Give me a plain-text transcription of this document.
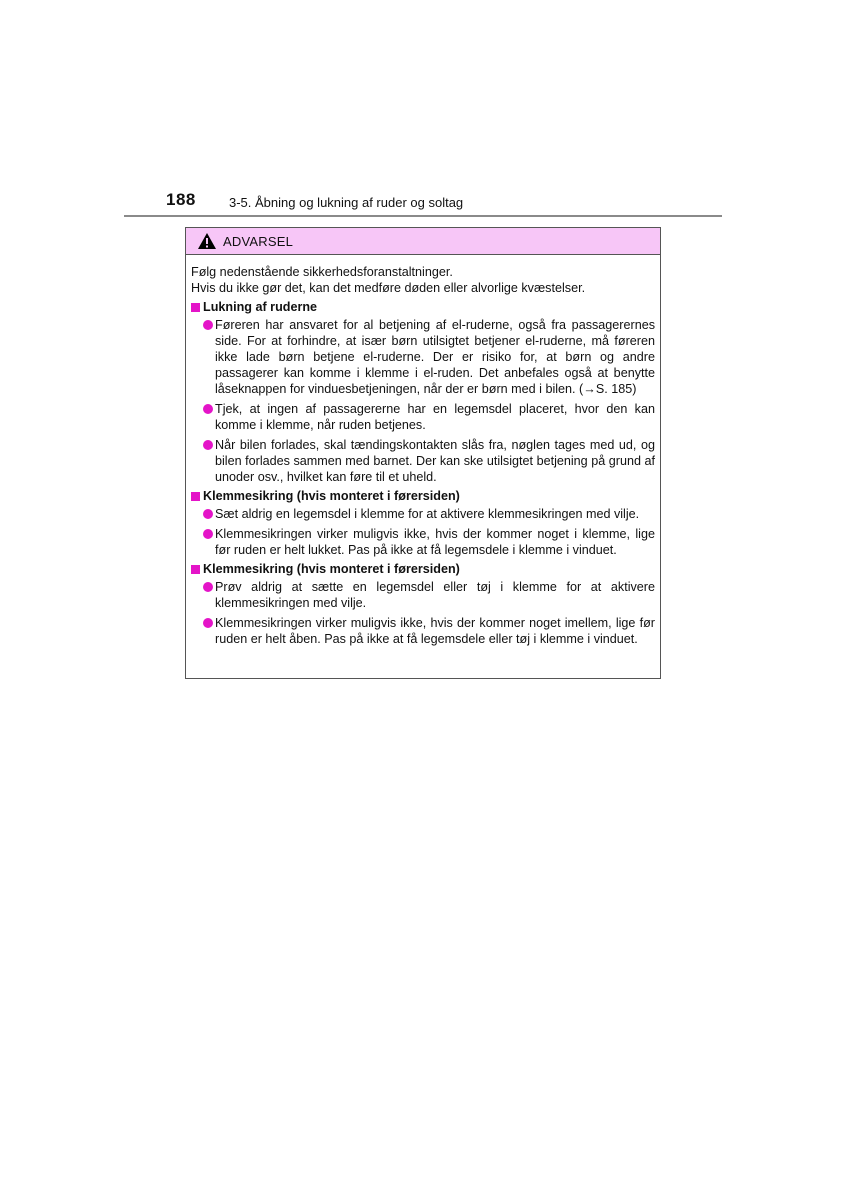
188	3-5. Åbning og lukning af ruder og soltag
ADVARSEL

Følg nedenstående sikkerhedsforanstaltninger.

Hvis du ikke gør det, kan det medføre døden eller alvorlige kvæstelser.

Lukning af ruderne
Føreren har ansvaret for al betjening af el-ruderne, også fra passagerernes side. For at forhindre, at især børn utilsigtet betjener el-ruderne, må føreren ikke lade børn betjene el-ruderne. Der er risiko for, at børn og andre passagerer kan komme i klemme i el-ruden. Det anbefales også at benytte låseknappen for vinduesbetjeningen, når der er børn med i bilen. (→S. 185)
Tjek, at ingen af passagererne har en legemsdel placeret, hvor den kan komme i klemme, når ruden betjenes.
Når bilen forlades, skal tændingskontakten slås fra, nøglen tages med ud, og bilen forlades sammen med barnet. Der kan ske utilsigtet betjening på grund af unoder osv., hvilket kan føre til et uheld.
Klemmesikring (hvis monteret i førersiden)
Sæt aldrig en legemsdel i klemme for at aktivere klemmesikringen med vilje.
Klemmesikringen virker muligvis ikke, hvis der kommer noget i klemme, lige før ruden er helt lukket. Pas på ikke at få legemsdele i klemme i vinduet.
Klemmesikring (hvis monteret i førersiden)
Prøv aldrig at sætte en legemsdel eller tøj i klemme for at aktivere klemmesikringen med vilje.
Klemmesikringen virker muligvis ikke, hvis der kommer noget imellem, lige før ruden er helt åben. Pas på ikke at få legemsdele eller tøj i klemme i vinduet.
